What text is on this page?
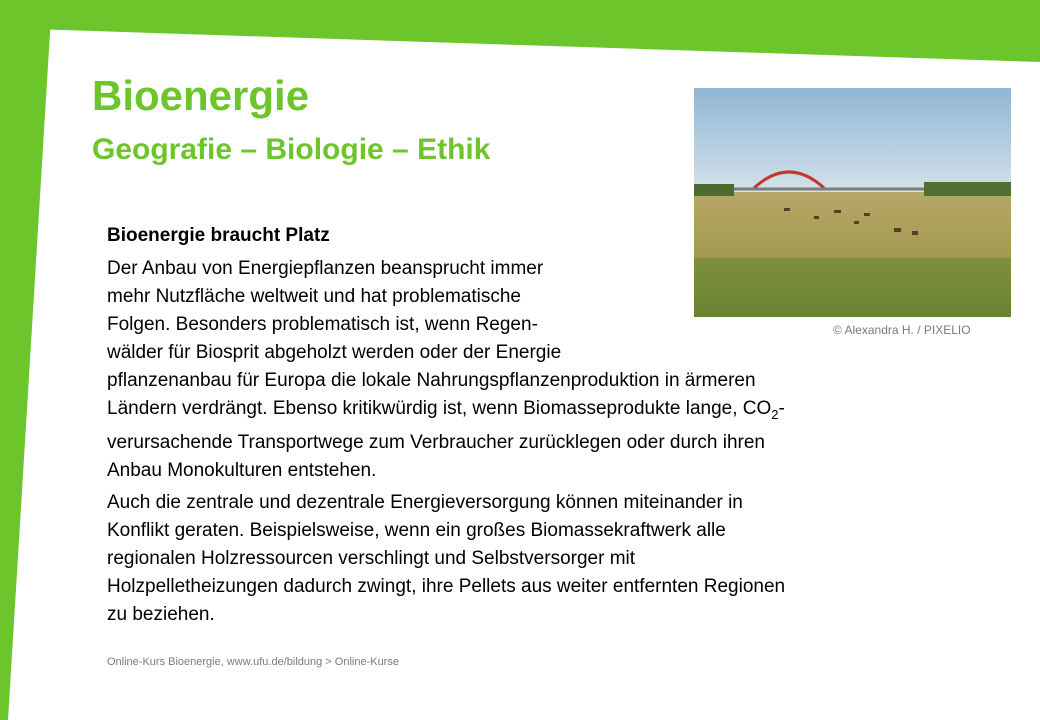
Bioenergie
Geografie – Biologie – Ethik
© Alexandra H. / PIXELIO
Bioenergie braucht Platz

Der Anbau von Energiepflanzen beansprucht immer
mehr Nutzfläche weltweit und hat problematische
Folgen. Besonders problematisch ist, wenn Regen-
wälder für Biosprit abgeholzt werden oder der Energie
pflanzenanbau für Europa die lokale Nahrungspflanzenproduktion in ärmeren
Ländern verdrängt. Ebenso kritikwürdig ist, wenn Biomasseprodukte lange, $CO_2-$
verursachende Transportwege zum Verbraucher zurücklegen oder durch ihren
Anbau Monokulturen entstehen.

Auch die zentrale und dezentrale Energieversorgung können miteinander in
Konflikt geraten. Beispielsweise, wenn ein großes Biomassekraftwerk alle
regionalen Holzressourcen verschlingt und Selbstversorger mit
Holzpelletheizungen dadurch zwingt, ihre Pellets aus weiter entfernten Regionen
zu beziehen.

Online-Kurs Bioenergie, www.ufu.de/bildung > Online-Kurse
